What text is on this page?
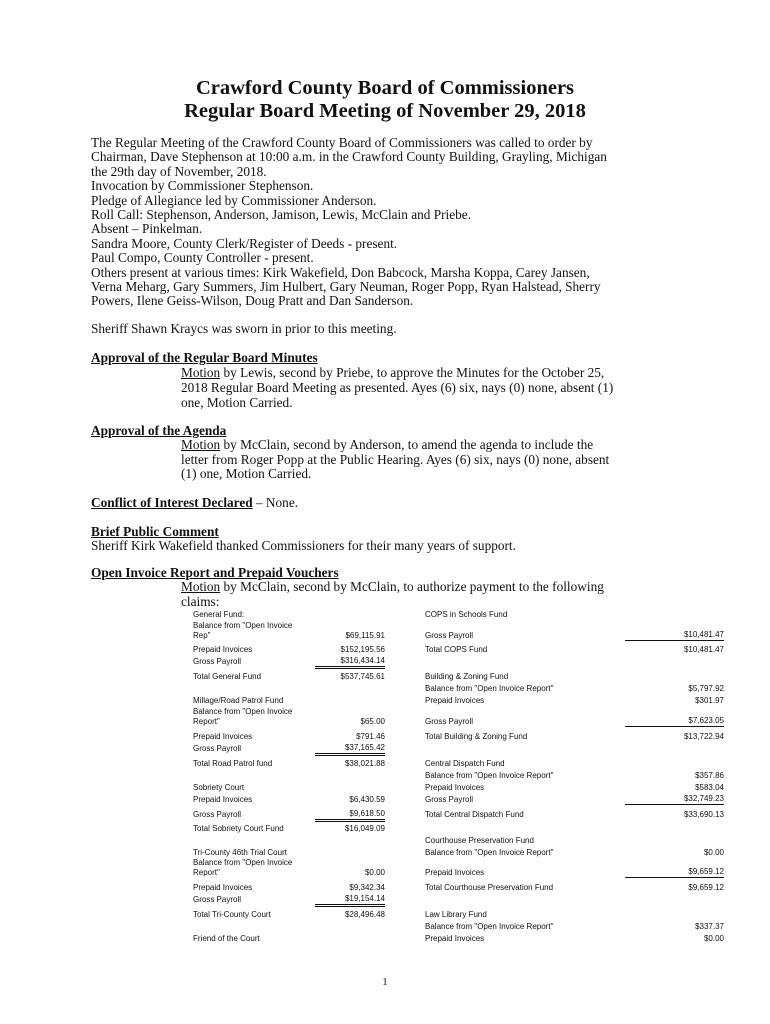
Crawford County Board of Commissioners
Regular Board Meeting of November 29, 2018
The Regular Meeting of the Crawford County Board of Commissioners was called to order by
Chairman, Dave Stephenson at 10:00 a.m. in the Crawford County Building, Grayling, Michigan
the 29th day of November, 2018.
Invocation by Commissioner Stephenson.
Pledge of Allegiance led by Commissioner Anderson.
Roll Call: Stephenson, Anderson, Jamison, Lewis, McClain and Priebe.
Absent – Pinkelman.
Sandra Moore, County Clerk/Register of Deeds - present.
Paul Compo, County Controller - present.
Others present at various times: Kirk Wakefield, Don Babcock, Marsha Koppa, Carey Jansen,
Verna Meharg, Gary Summers, Jim Hulbert, Gary Neuman, Roger Popp, Ryan Halstead, Sherry
Powers, Ilene Geiss-Wilson, Doug Pratt and Dan Sanderson.
Sheriff Shawn Kraycs was sworn in prior to this meeting.
Approval of the Regular Board Minutes
Motion by Lewis, second by Priebe, to approve the Minutes for the October 25,
2018 Regular Board Meeting as presented. Ayes (6) six, nays (0) none, absent (1)
one, Motion Carried.
Approval of the Agenda
Motion by McClain, second by Anderson, to amend the agenda to include the
letter from Roger Popp at the Public Hearing. Ayes (6) six, nays (0) none, absent
(1) one, Motion Carried.
Conflict of Interest Declared – None.
Brief Public Comment
Sheriff Kirk Wakefield thanked Commissioners for their many years of support.
Open Invoice Report and Prepaid Vouchers
Motion by McClain, second by McClain, to authorize payment to the following
claims:
General Fund:
Balance from "Open Invoice
Rep"	$69,115.91
Prepaid Invoices	$152,195.56
Gross Payroll	$316,434.14
Total General Fund	$537,745.61
Millage/Road Patrol Fund
Balance from "Open Invoice
Report"	$65.00
Prepaid Invoices	$791.46
Gross Payroll	$37,165.42
Total Road Patrol fund	$38,021.88
Sobriety Court
Prepaid Invoices	$6,430.59
Gross Payroll	$9,618.50
Total Sobriety Court Fund	$16,049.09
Tri-County 46th Trial Court
Balance from "Open Invoice
Report"	$0.00
Prepaid Invoices	$9,342.34
Gross Payroll	$19,154.14
Total Tri-County Court	$28,496.48
Friend of the Court
COPS in Schools Fund
Gross Payroll	$10,481.47
Total COPS Fund	$10,481.47
Building & Zoning Fund
Balance from "Open Invoice Report"	$5,797.92
Prepaid Invoices	$301.97
Gross Payroll	$7,623.05
Total Building & Zoning Fund	$13,722.94
Central Dispatch Fund
Balance from "Open Invoice Report"	$357.86
Prepaid Invoices	$583.04
Gross Payroll	$32,749.23
Total Central Dispatch Fund	$33,690.13
Courthouse Preservation Fund
Balance from "Open Invoice Report"	$0.00
Prepaid Invoices	$9,659.12
Total Courthouse Preservation Fund	$9,659.12
Law Library Fund
Balance from "Open Invoice Report"	$337.37
Prepaid Invoices	$0.00
1
